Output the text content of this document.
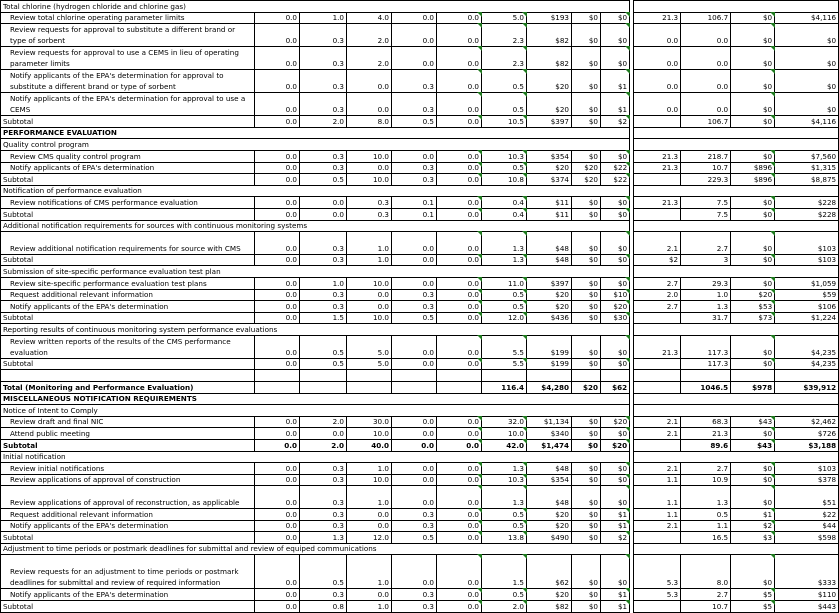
Total chlorine (hydrogen chloride and chlorine gas)														
Review total chlorine operating parameter limits	0.0	1.0	4.0	0.0	0.0	5.0	$193	$0	$0		21.3	106.7	$0	$4,116
Review requests for approval to substitute a different brand or type of sorbent	0.0	0.3	2.0	0.0	0.0	2.3	$82	$0	$0		0.0	0.0	$0	$0
Review requests for approval to use a CEMS in lieu of operating parameter limits	0.0	0.3	2.0	0.0	0.0	2.3	$82	$0	$0		0.0	0.0	$0	$0
Notify applicants of the EPA's determination for approval to substitute a different brand or type of sorbent	0.0	0.3	0.0	0.3	0.0	0.5	$20	$0	$1		0.0	0.0	$0	$0
Notify applicants of the EPA's determination for approval to use a CEMS	0.0	0.3	0.0	0.3	0.0	0.5	$20	$0	$1		0.0	0.0	$0	$0
Subtotal	0.0	2.0	8.0	0.5	0.0	10.5	$397	$0	$2			106.7	$0	$4,116
PERFORMANCE EVALUATION														
Quality control program														
Review CMS quality control program	0.0	0.3	10.0	0.0	0.0	10.3	$354	$0	$0		21.3	218.7	$0	$7,560
Notify applicants of EPA's determination	0.0	0.3	0.0	0.3	0.0	0.5	$20	$20	$22		21.3	10.7	$896	$1,315
Subtotal	0.0	0.5	10.0	0.3	0.0	10.8	$374	$20	$22			229.3	$896	$8,875
Notification of performance evaluation														
Review notifications of CMS performance evaluation	0.0	0.0	0.3	0.1	0.0	0.4	$11	$0	$0		21.3	7.5	$0	$228
Subtotal	0.0	0.0	0.3	0.1	0.0	0.4	$11	$0	$0			7.5	$0	$228
Additional notification requirements for sources with continuous monitoring systems														
Review additional notification requirements for source with CMS	0.0	0.3	1.0	0.0	0.0	1.3	$48	$0	$0		2.1	2.7	$0	$103
Subtotal	0.0	0.3	1.0	0.0	0.0	1.3	$48	$0	$0		$2	3	$0	$103
Submission of site-specific performance evaluation test plan														
Review site-specific performance evaluation test plans	0.0	1.0	10.0	0.0	0.0	11.0	$397	$0	$0		2.7	29.3	$0	$1,059
Request additional relevant information	0.0	0.3	0.0	0.3	0.0	0.5	$20	$0	$10		2.0	1.0	$20	$59
Notify applicants of the EPA's determination	0.0	0.3	0.0	0.3	0.0	0.5	$20	$0	$20		2.7	1.3	$53	$106
Subtotal	0.0	1.5	10.0	0.5	0.0	12.0	$436	$0	$30			31.7	$73	$1,224
Reporting results of continuous monitoring system performance evaluations														
Review written reports of the results of the CMS performance evaluation	0.0	0.5	5.0	0.0	0.0	5.5	$199	$0	$0		21.3	117.3	$0	$4,235
Subtotal	0.0	0.5	5.0	0.0	0.0	5.5	$199	$0	$0			117.3	$0	$4,235

Total (Monitoring and Performance Evaluation)						116.4	$4,280	$20	$62			1046.5	$978	$39,912
MISCELLANEOUS NOTIFICATION REQUIREMENTS														
Notice of Intent to Comply														
Review draft and final NIC	0.0	2.0	30.0	0.0	0.0	32.0	$1,134	$0	$20		2.1	68.3	$43	$2,462
Attend public meeting	0.0	0.0	10.0	0.0	0.0	10.0	$340	$0	$0		2.1	21.3	$0	$726
Subtotal	0.0	2.0	40.0	0.0	0.0	42.0	$1,474	$0	$20			89.6	$43	$3,188
Initial notification														
Review initial notifications	0.0	0.3	1.0	0.0	0.0	1.3	$48	$0	$0		2.1	2.7	$0	$103
Review applications of approval of construction	0.0	0.3	10.0	0.0	0.0	10.3	$354	$0	$0		1.1	10.9	$0	$378
Review applications of approval of reconstruction, as applicable	0.0	0.3	1.0	0.0	0.0	1.3	$48	$0	$0		1.1	1.3	$0	$51
Request additional relevant information	0.0	0.3	0.0	0.3	0.0	0.5	$20	$0	$1		1.1	0.5	$1	$22
Notify applicants of the EPA's determination	0.0	0.3	0.0	0.3	0.0	0.5	$20	$0	$1		2.1	1.1	$2	$44
Subtotal	0.0	1.3	12.0	0.5	0.0	13.8	$490	$0	$2			16.5	$3	$598
Adjustment to time periods or postmark deadlines for submittal and review of equiped communications														
Review requests for an adjustment to time periods or postmark deadlines for submittal and review of required information	0.0	0.5	1.0	0.0	0.0	1.5	$62	$0	$0		5.3	8.0	$0	$333
Notify applicants of the EPA's determination	0.0	0.3	0.0	0.3	0.0	0.5	$20	$0	$1		5.3	2.7	$5	$110
Subtotal	0.0	0.8	1.0	0.3	0.0	2.0	$82	$0	$1			10.7	$5	$443
